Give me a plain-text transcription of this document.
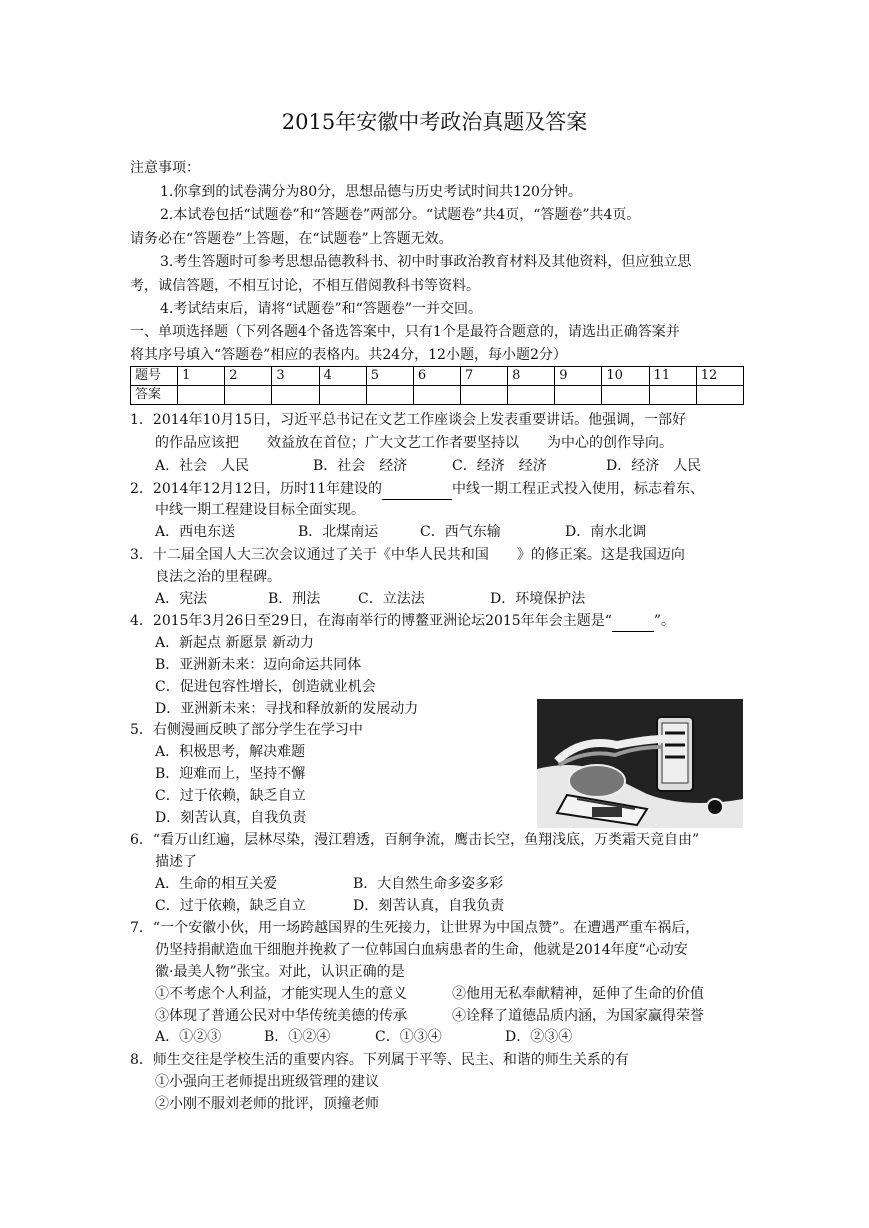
2015年安徽中考政治真题及答案
注意事项：
1.你拿到的试卷满分为80分，思想品德与历史考试时间共120分钟。
2.本试卷包括“试题卷”和“答题卷”两部分。“试题卷”共4页，“答题卷”共4页。
请务必在“答题卷”上答题，在“试题卷”上答题无效。
3.考生答题时可参考思想品德教科书、初中时事政治教育材料及其他资料，但应独立思
考，诚信答题，不相互讨论，不相互借阅教科书等资料。
4.考试结束后，请将“试题卷”和“答题卷”一并交回。
一、单项选择题（下列各题4个备选答案中，只有1个是最符合题意的，请选出正确答案并
将其序号填入“答题卷”相应的表格内。共24分，12小题，每小题2分）
题号	1	2	3	4	5	6	7	8	9	10	11	12
答案												
1．2014年10月15日，习近平总书记在文艺工作座谈会上发表重要讲话。他强调，一部好
的作品应该把　　效益放在首位；广大文艺工作者要坚持以　　为中心的创作导向。
A．社会　人民	B．社会　经济	C．经济　经济	D．经济　人民
2．2014年12月12日，历时11年建设的	中线一期工程正式投入使用，标志着东、
中线一期工程建设目标全面实现。
A．西电东送	B．北煤南运	C．西气东输	D．南水北调
3．十二届全国人大三次会议通过了关于《中华人民共和国　　》的修正案。这是我国迈向
良法之治的里程碑。
A．宪法	B．刑法	C．立法法	D．环境保护法
4．2015年3月26日至29日，在海南举行的博鳌亚洲论坛2015年年会主题是“	”。
A．新起点 新愿景 新动力
B．亚洲新未来：迈向命运共同体
C．促进包容性增长，创造就业机会
D．亚洲新未来：寻找和释放新的发展动力
5．右侧漫画反映了部分学生在学习中
A．积极思考，解决难题
B．迎难而上，坚持不懈
C．过于依赖，缺乏自立
D．刻苦认真，自我负责
6．“看万山红遍，层林尽染，漫江碧透，百舸争流，鹰击长空，鱼翔浅底，万类霜天竞自由”
描述了
A．生命的相互关爱	B．大自然生命多姿多彩
C．过于依赖，缺乏自立	D．刻苦认真，自我负责
7．“一个安徽小伙，用一场跨越国界的生死接力，让世界为中国点赞”。在遭遇严重车祸后，
仍坚持捐献造血干细胞并挽救了一位韩国白血病患者的生命，他就是2014年度“心动安
徽·最美人物”张宝。对此，认识正确的是
①不考虑个人利益，才能实现人生的意义	②他用无私奉献精神，延伸了生命的价值
③体现了普通公民对中华传统美德的传承	④诠释了道德品质内涵，为国家赢得荣誉
A．①②③	B．①②④	C．①③④	D．②③④
8．师生交往是学校生活的重要内容。下列属于平等、民主、和谐的师生关系的有
①小强向王老师提出班级管理的建议
②小刚不服刘老师的批评，顶撞老师
